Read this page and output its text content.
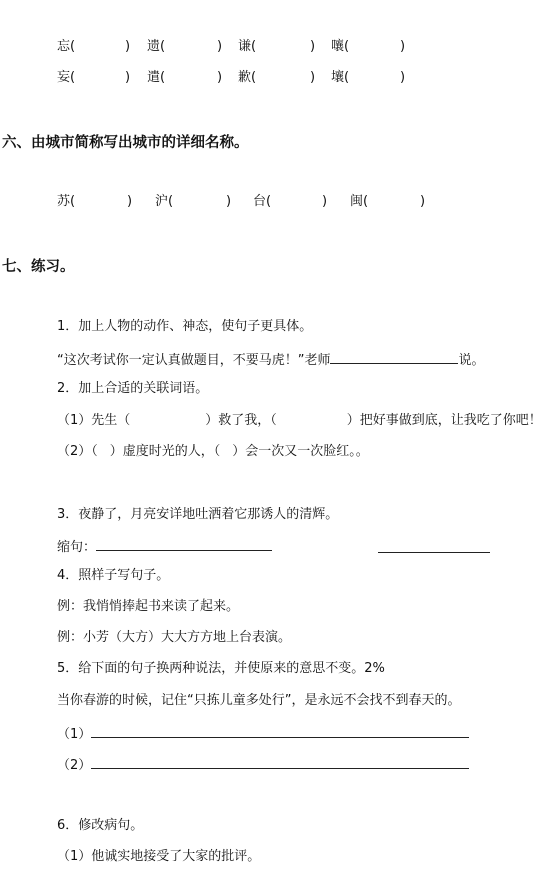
忘(	) 遗(	) 谦(	) 嚷(	)
妄(	) 遣(	) 歉(	) 壤(	)
六、由城市简称写出城市的详细名称。
苏(	) 沪(	) 台(	) 闽(	)
七、练习。
1．加上人物的动作、神态，使句子更具体。
“这次考试你一定认真做题目，不要马虎！”老师	说。
2．加上合适的关联词语。
（1）先生（	）救了我，（	）把好事做到底，让我吃了你吧！
（2）（ ）虚度时光的人，（ ）会一次又一次脸红。。
3．夜静了，月亮安详地吐洒着它那诱人的清辉。
缩句：
4．照样子写句子。
例：我悄悄捧起书来读了起来。
例：小芳（大方）大大方方地上台表演。
5．给下面的句子换两种说法，并使原来的意思不变。2%
当你春游的时候，记住“只拣儿童多处行”，是永远不会找不到春天的。
（1）
（2）
6．修改病句。
（1）他诚实地接受了大家的批评。
